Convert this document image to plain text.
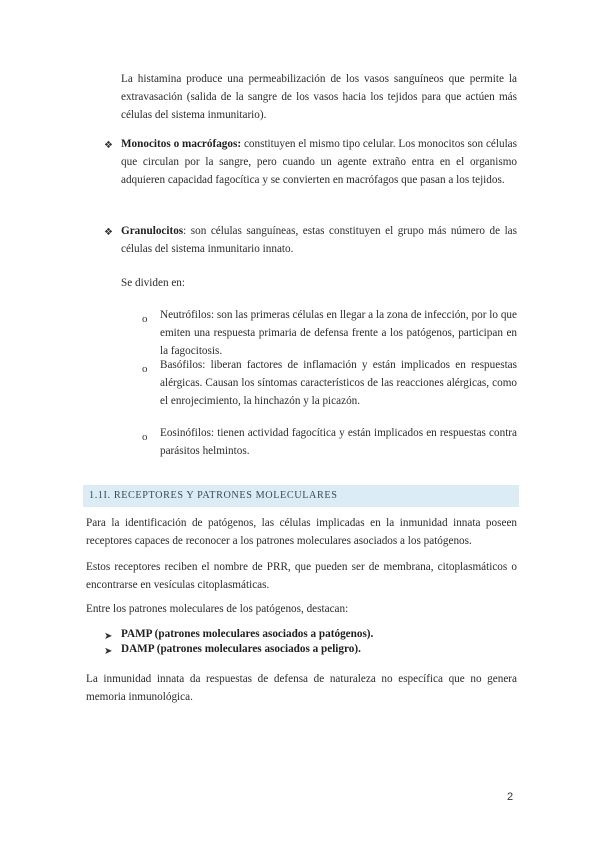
La histamina produce una permeabilización de los vasos sanguíneos que permite la extravasación (salida de la sangre de los vasos hacia los tejidos para que actúen más células del sistema inmunitario).

❖ Monocitos o macrófagos: constituyen el mismo tipo celular. Los monocitos son células que circulan por la sangre, pero cuando un agente extraño entra en el organismo adquieren capacidad fagocítica y se convierten en macrófagos que pasan a los tejidos.

❖ Granulocitos: son células sanguíneas, estas constituyen el grupo más número de las células del sistema inmunitario innato.

Se dividen en:

o Neutrófilos: son las primeras células en llegar a la zona de infección, por lo que emiten una respuesta primaria de defensa frente a los patógenos, participan en la fagocitosis.

o Basófilos: liberan factores de inflamación y están implicados en respuestas alérgicas. Causan los síntomas característicos de las reacciones alérgicas, como el enrojecimiento, la hinchazón y la picazón.

o Eosinófilos: tienen actividad fagocítica y están implicados en respuestas contra parásitos helmintos.

1.1I. RECEPTORES Y PATRONES MOLECULARES

Para la identificación de patógenos, las células implicadas en la inmunidad innata poseen receptores capaces de reconocer a los patrones moleculares asociados a los patógenos.

Estos receptores reciben el nombre de PRR, que pueden ser de membrana, citoplasmáticos o encontrarse en vesículas citoplasmáticas.

Entre los patrones moleculares de los patógenos, destacan:

➤ PAMP (patrones moleculares asociados a patógenos).

➤ DAMP (patrones moleculares asociados a peligro).

La inmunidad innata da respuestas de defensa de naturaleza no específica que no genera memoria inmunológica.

2
